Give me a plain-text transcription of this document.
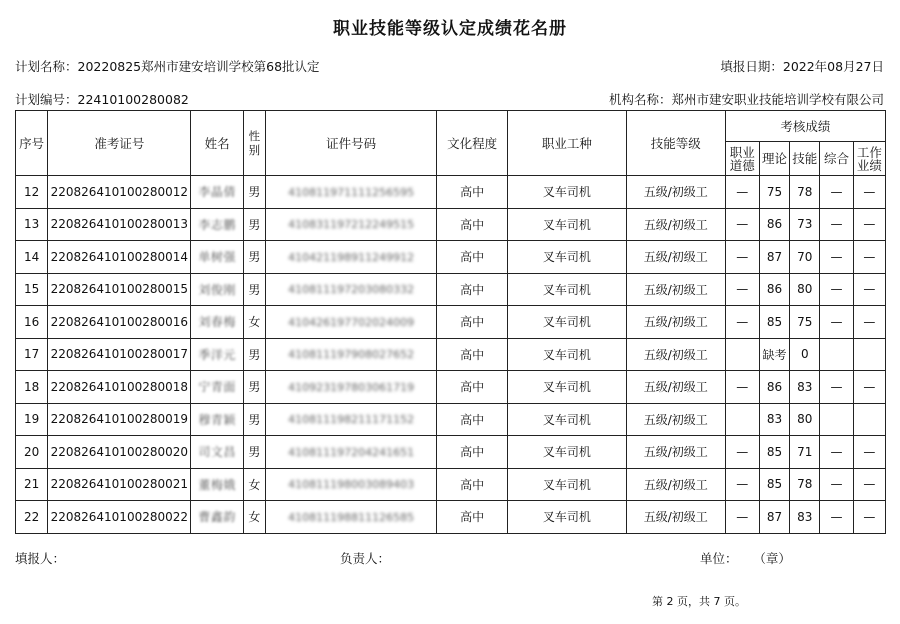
职业技能等级认定成绩花名册
计划名称：20220825郑州市建安培训学校第68批认定	填报日期：2022年08月27日
计划编号：22410100280082	机构名称：郑州市建安职业技能培训学校有限公司
序号	准考证号	姓名	性别	证件号码	文化程度	职业工种	技能等级	考核成绩				
								职业道德	理论	技能	综合	工作业绩
12	220826410100280012	李晶倩	男	410811971111256595	高中	叉车司机	五级/初级工	—	75	78	—	—
13	220826410100280013	李志鹏	男	410831197212249515	高中	叉车司机	五级/初级工	—	86	73	—	—
14	220826410100280014	单树强	男	410421198911249912	高中	叉车司机	五级/初级工	—	87	70	—	—
15	220826410100280015	刘俊刚	男	410811197203080332	高中	叉车司机	五级/初级工	—	86	80	—	—
16	220826410100280016	刘春梅	女	410426197702024009	高中	叉车司机	五级/初级工	—	85	75	—	—
17	220826410100280017	季洋元	男	410811197908027652	高中	叉车司机	五级/初级工		缺考	0		
18	220826410100280018	宁青面	男	410923197803061719	高中	叉车司机	五级/初级工	—	86	83	—	—
19	220826410100280019	穆青颖	男	410811198211171152	高中	叉车司机	五级/初级工		83	80		
20	220826410100280020	司文昌	男	410811197204241651	高中	叉车司机	五级/初级工	—	85	71	—	—
21	220826410100280021	董梅娥	女	410811198003089403	高中	叉车司机	五级/初级工	—	85	78	—	—
22	220826410100280022	曹鑫韵	女	410811198811126585	高中	叉车司机	五级/初级工	—	87	83	—	—
填报人：	负责人：	单位： （章）
第 2 页，共 7 页。
